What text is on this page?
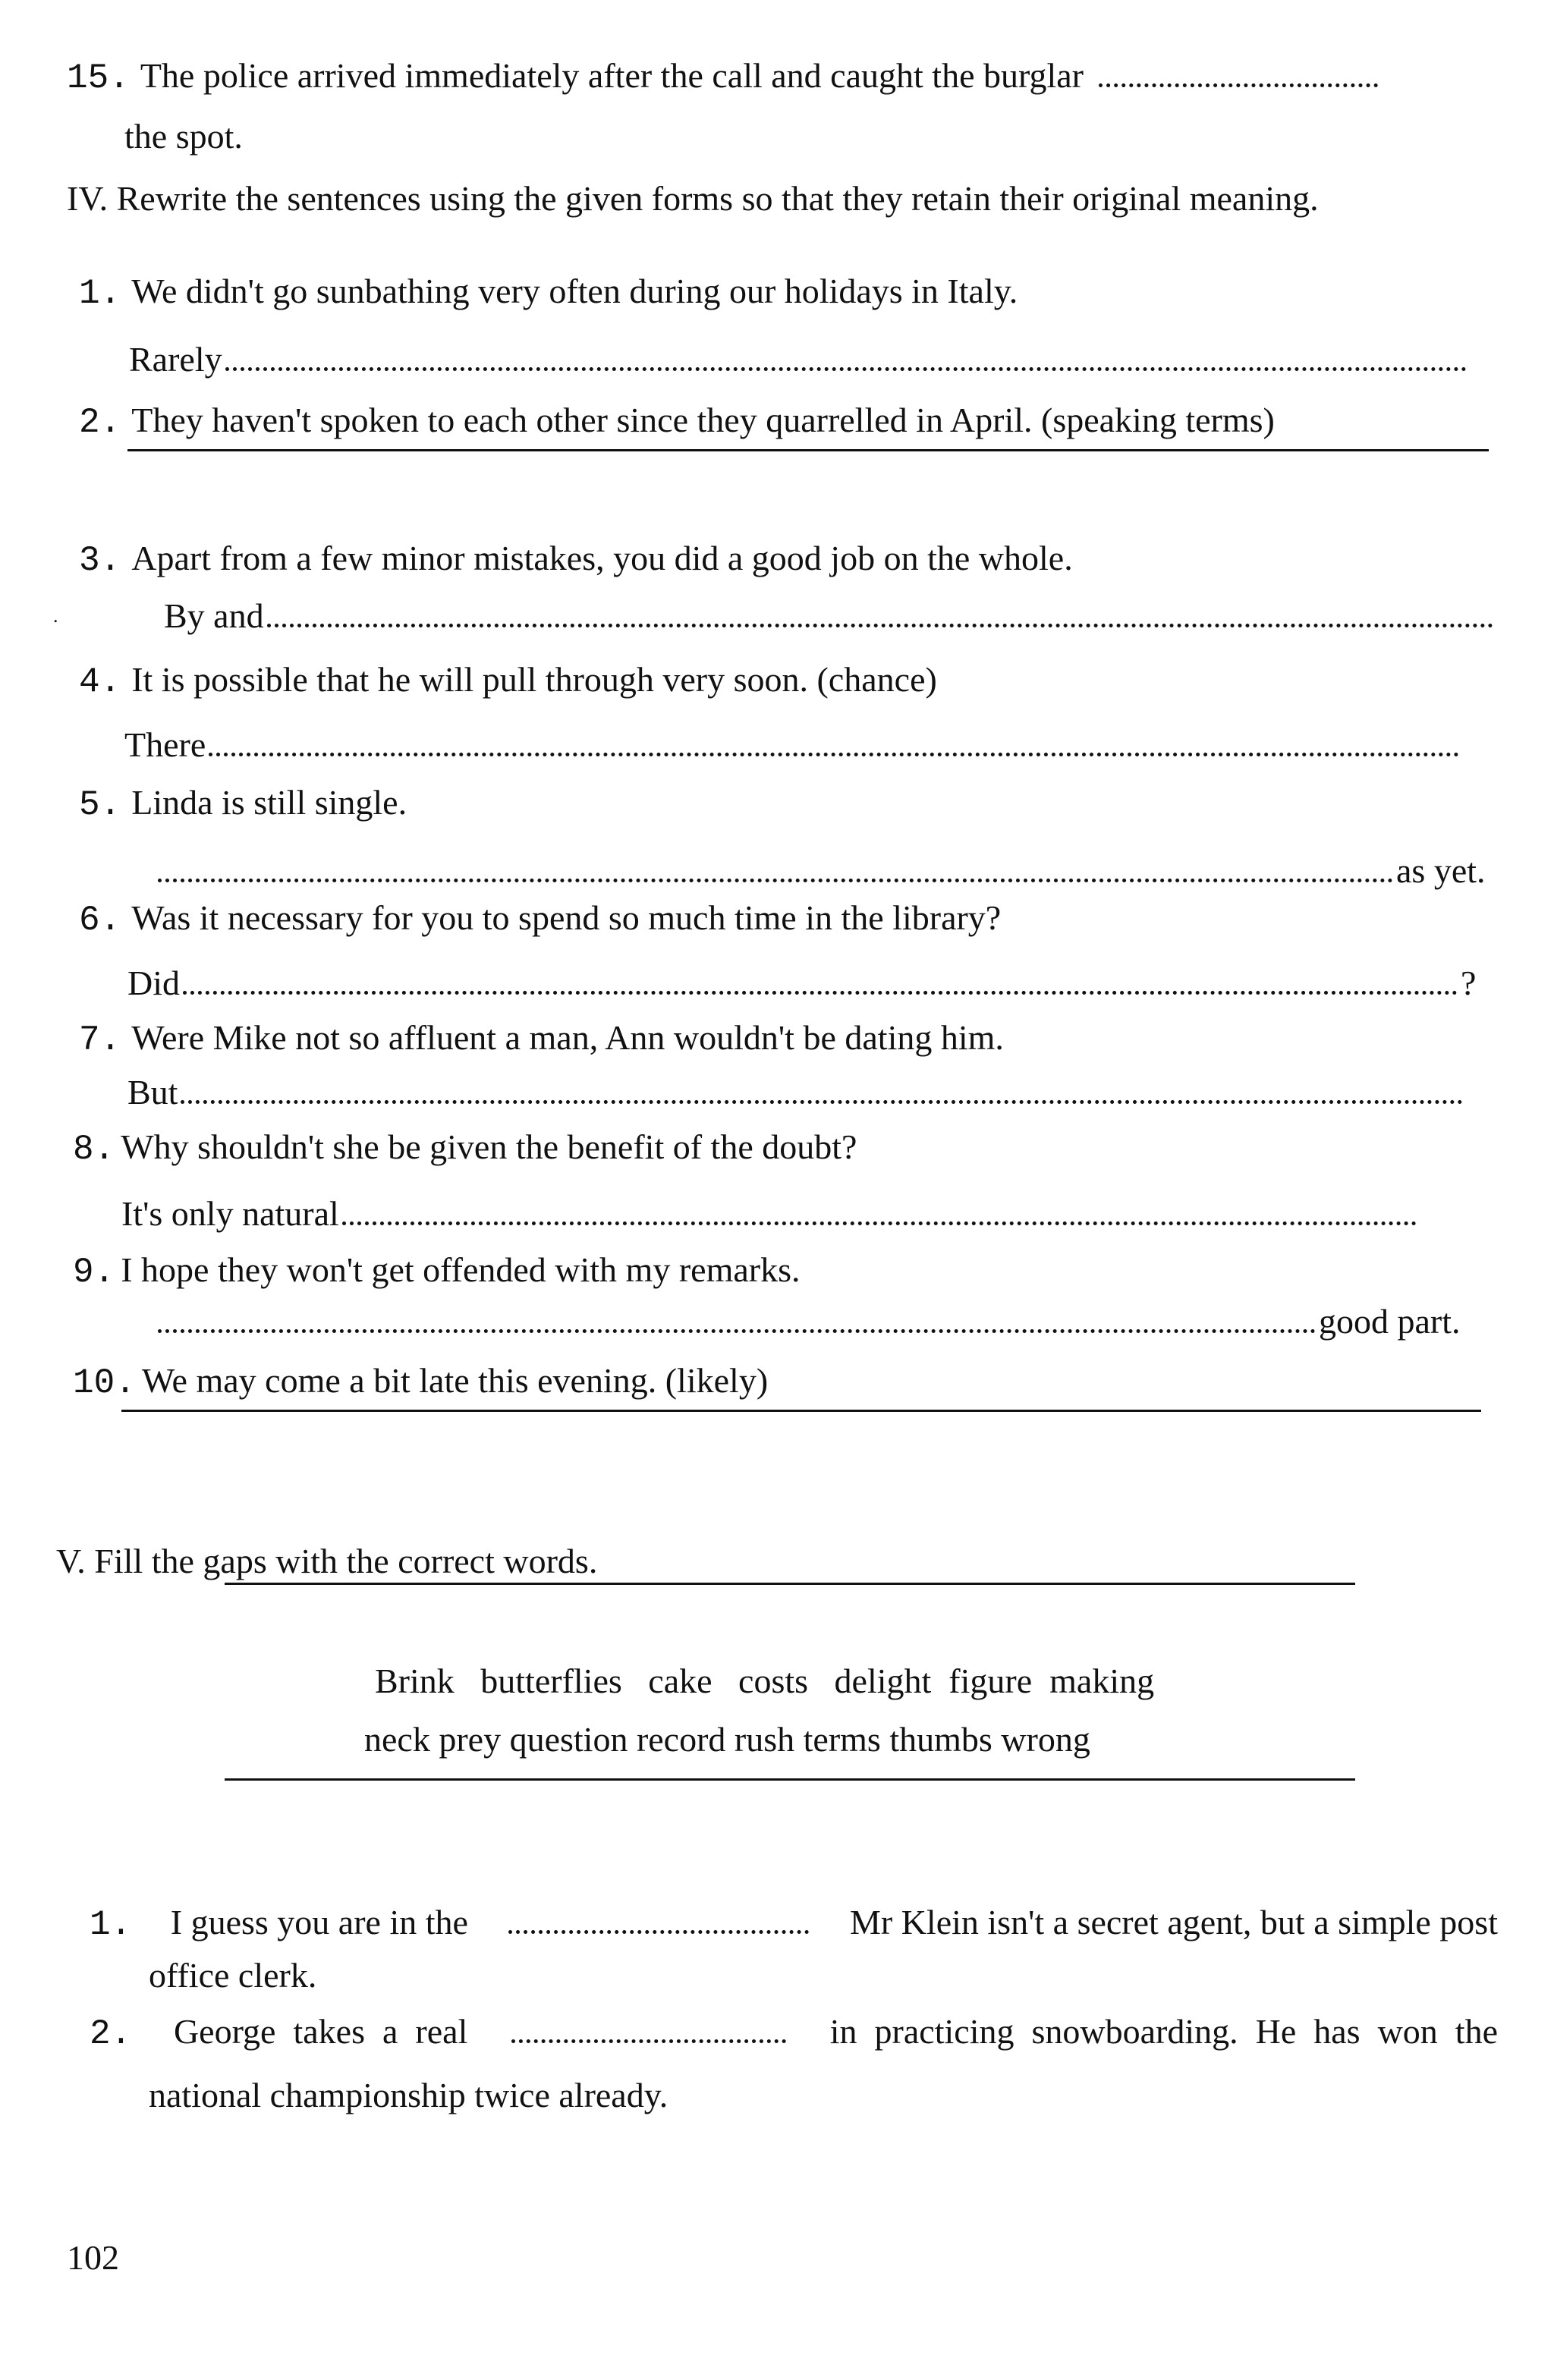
15. The police arrived immediately after the call and caught the burglar
the spot.
IV. Rewrite the sentences using the given forms so that they retain their original meaning.
1. We didn't go sunbathing very often during our holidays in Italy.
Rarely
2. They haven't spoken to each other since they quarrelled in April. (speaking terms)
3. Apart from a few minor mistakes, you did a good job on the whole.
.	By and
4. It is possible that he will pull through very soon. (chance)
There
5. Linda is still single.
as yet.
6. Was it necessary for you to spend so much time in the library?
Did	?
7. Were Mike not so affluent a man, Ann wouldn't be dating him.
But
8. Why shouldn't she be given the benefit of the doubt?
It's only natural
9. I hope they won't get offended with my remarks.
good part.
10. We may come a bit late this evening. (likely)
V. Fill the gaps with the correct words.
Brink   butterflies   cake   costs   delight  figure  making
neck prey question record rush terms thumbs wrong
1. I guess you are in the	Mr Klein isn't a secret agent, but a simple post
office clerk.
2. George  takes  a  real	in  practicing  snowboarding.  He  has  won  the
national championship twice already.
102
